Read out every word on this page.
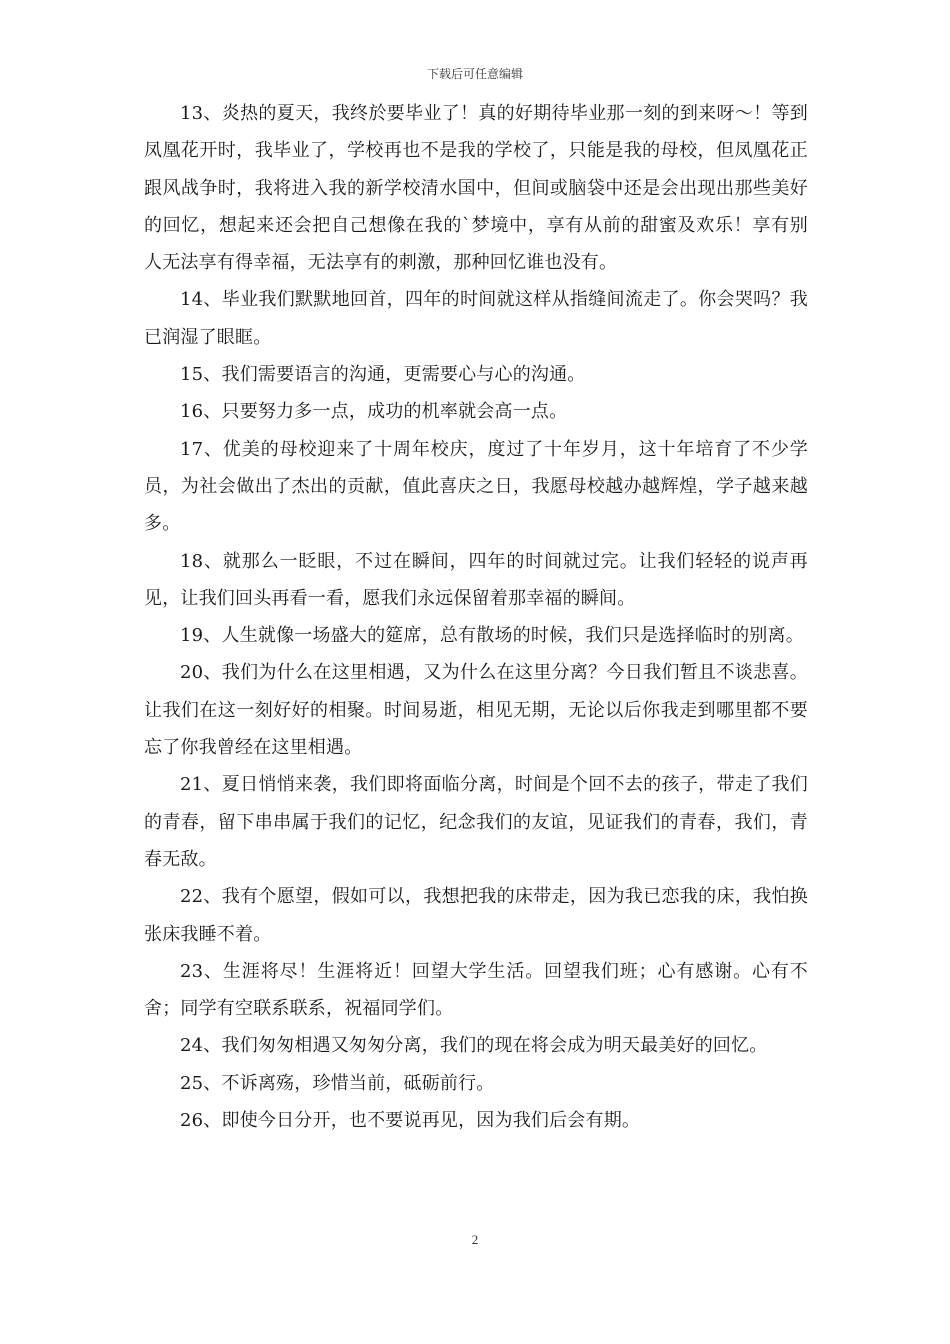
下载后可任意编辑

13、炎热的夏天，我终於要毕业了！真的好期待毕业那一刻的到来呀～！等到凤凰花开时，我毕业了，学校再也不是我的学校了，只能是我的母校，但凤凰花正跟风战争时，我将进入我的新学校清水国中，但间或脑袋中还是会出现出那些美好的回忆，想起来还会把自己想像在我的`梦境中，享有从前的甜蜜及欢乐！享有别人无法享有得幸福，无法享有的刺激，那种回忆谁也没有。

14、毕业我们默默地回首，四年的时间就这样从指缝间流走了。你会哭吗？我已润湿了眼眶。

15、我们需要语言的沟通，更需要心与心的沟通。

16、只要努力多一点，成功的机率就会高一点。

17、优美的母校迎来了十周年校庆，度过了十年岁月，这十年培育了不少学员，为社会做出了杰出的贡献，值此喜庆之日，我愿母校越办越辉煌，学子越来越多。

18、就那么一眨眼，不过在瞬间，四年的时间就过完。让我们轻轻的说声再见，让我们回头再看一看，愿我们永远保留着那幸福的瞬间。

19、人生就像一场盛大的筵席，总有散场的时候，我们只是选择临时的别离。

20、我们为什么在这里相遇，又为什么在这里分离？今日我们暂且不谈悲喜。让我们在这一刻好好的相聚。时间易逝，相见无期，无论以后你我走到哪里都不要忘了你我曾经在这里相遇。

21、夏日悄悄来袭，我们即将面临分离，时间是个回不去的孩子，带走了我们的青春，留下串串属于我们的记忆，纪念我们的友谊，见证我们的青春，我们，青春无敌。

22、我有个愿望，假如可以，我想把我的床带走，因为我已恋我的床，我怕换张床我睡不着。

23、生涯将尽！生涯将近！回望大学生活。回望我们班；心有感谢。心有不舍；同学有空联系联系，祝福同学们。

24、我们匆匆相遇又匆匆分离，我们的现在将会成为明天最美好的回忆。

25、不诉离殇，珍惜当前，砥砺前行。

26、即使今日分开，也不要说再见，因为我们后会有期。

2
